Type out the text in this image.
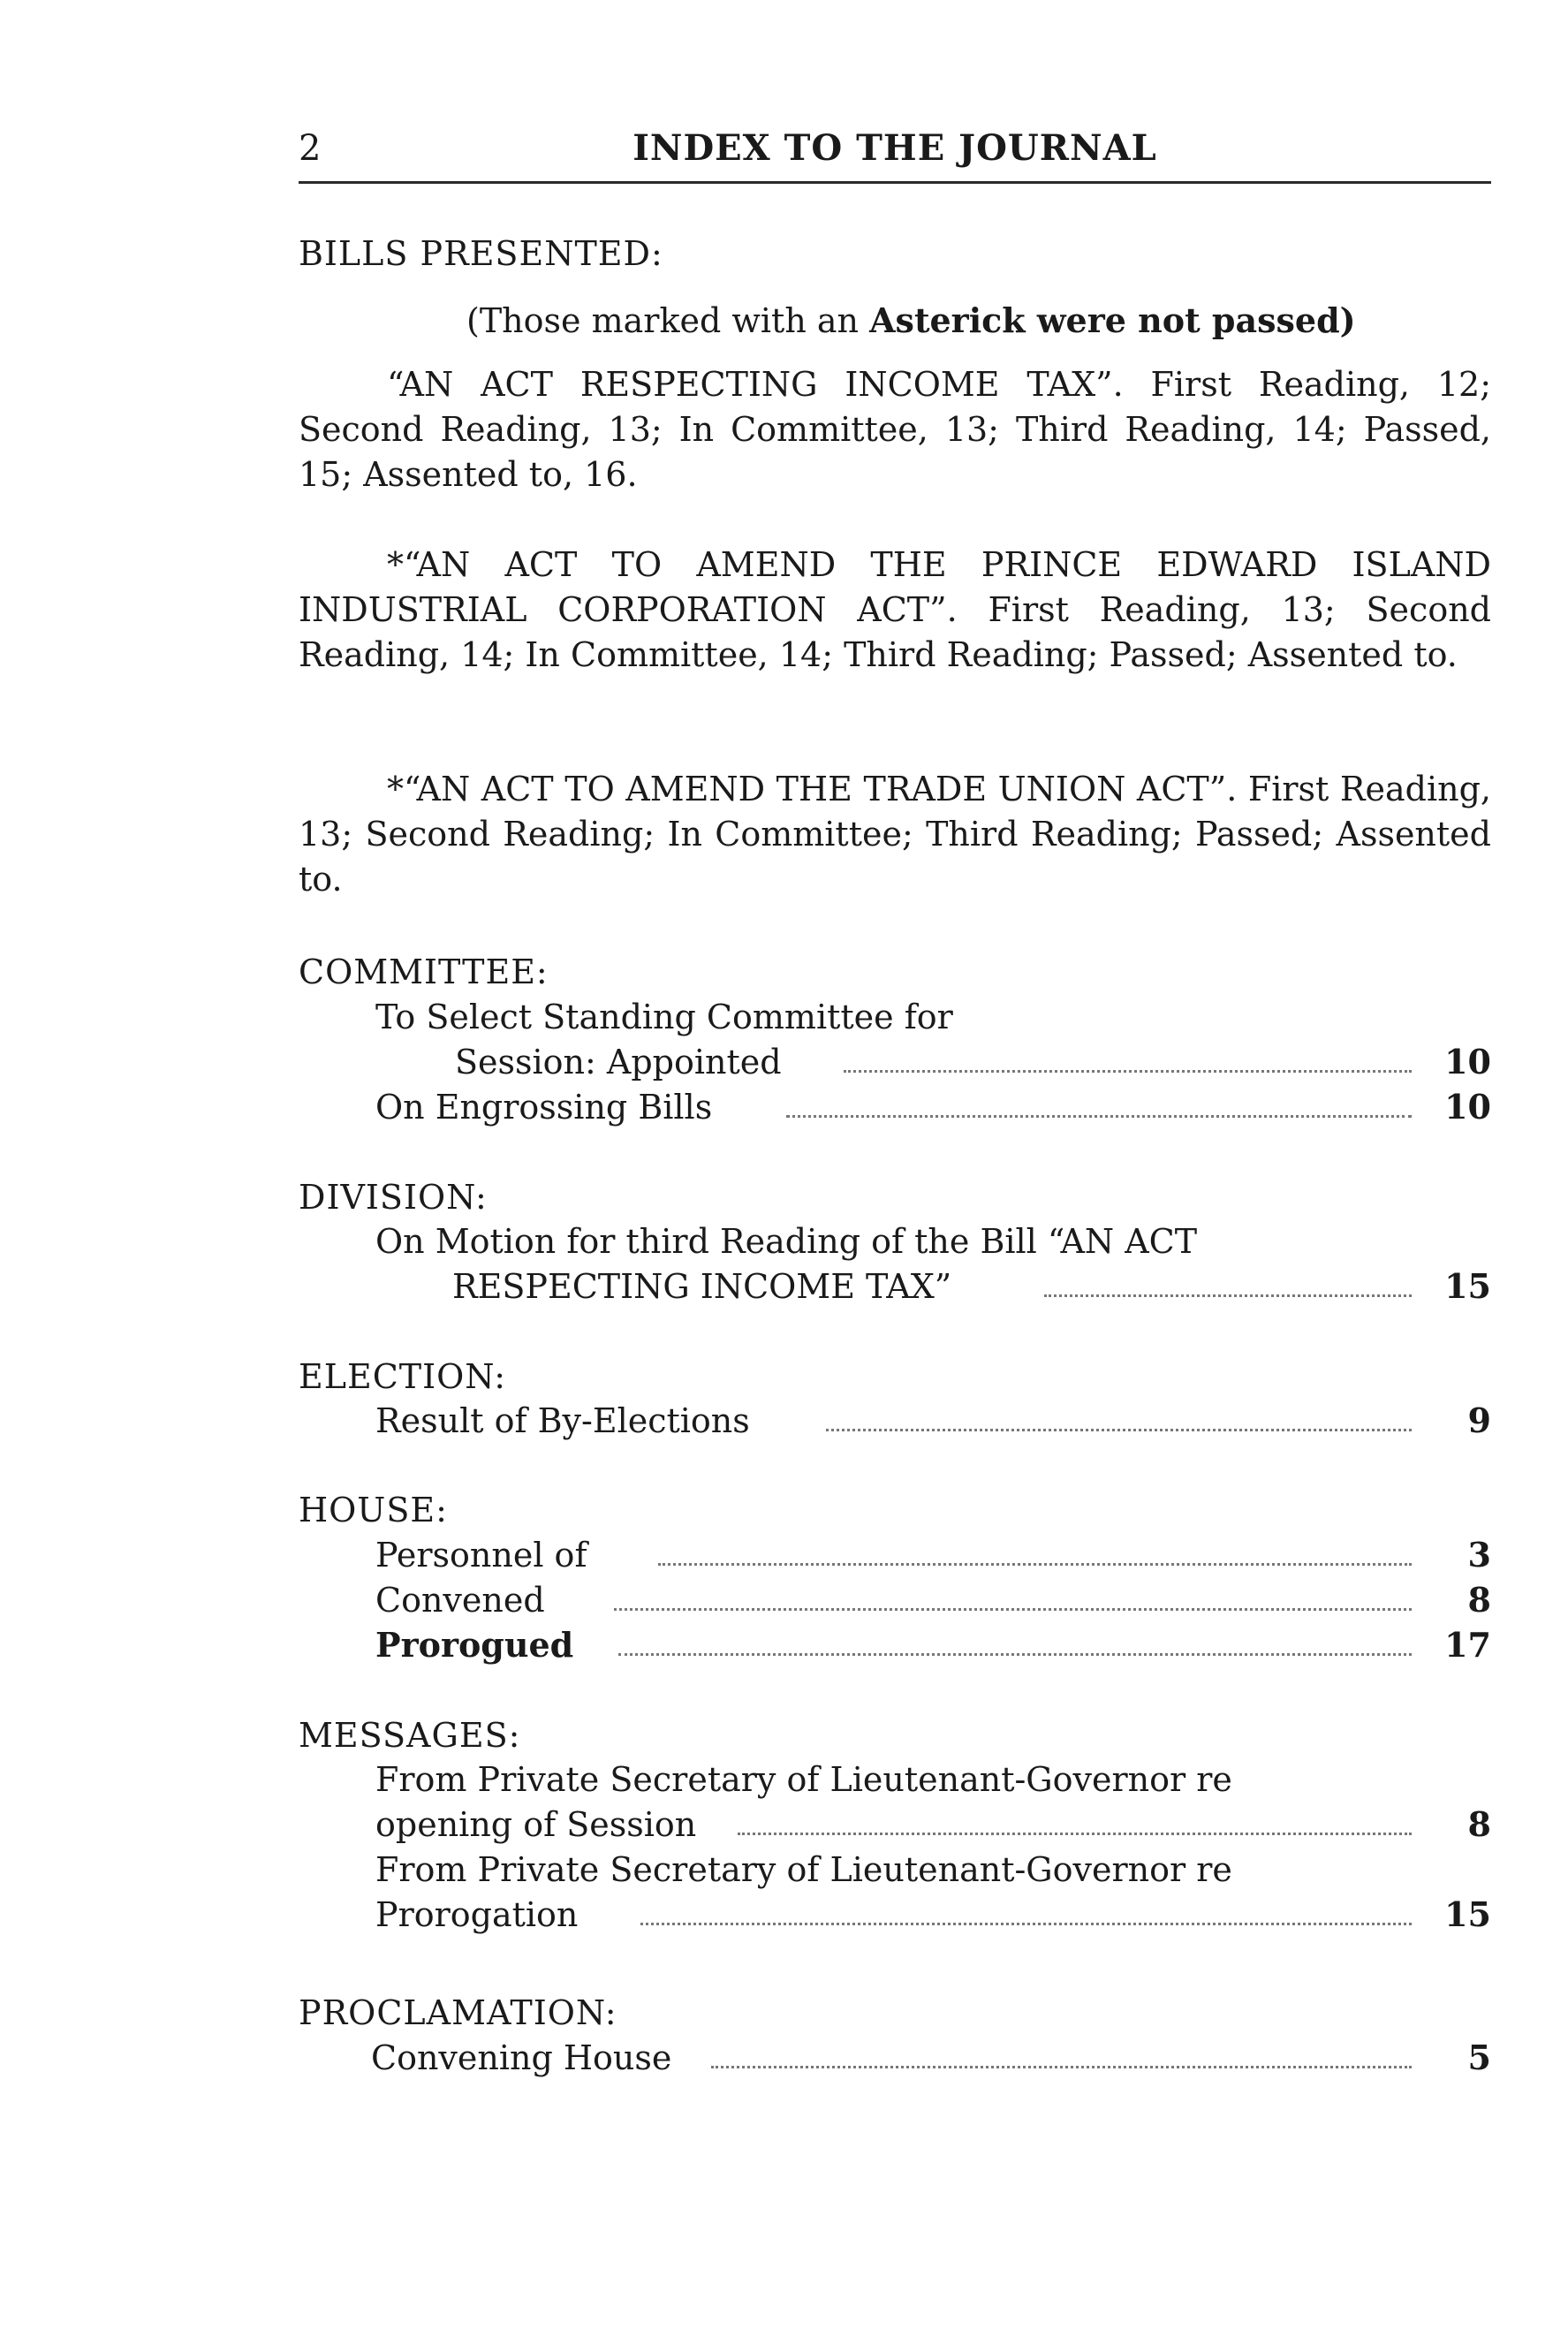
2	INDEX TO THE JOURNAL
BILLS PRESENTED:
(Those marked with an Asterick were not passed)
“AN ACT RESPECTING INCOME TAX”. First Reading, 12; Second Reading, 13; In Committee, 13; Third Reading, 14; Passed, 15; Assented to, 16.
*“AN ACT TO AMEND THE PRINCE EDWARD ISLAND INDUSTRIAL CORPORATION ACT”. First Reading, 13; Second Reading, 14; In Committee, 14; Third Reading; Passed; Assented to.
*“AN ACT TO AMEND THE TRADE UNION ACT”. First Reading, 13; Second Reading; In Committee; Third Reading; Passed; Assented to.
COMMITTEE:
To Select Standing Committee for
Session: Appointed	10
On Engrossing Bills	10
DIVISION:
On Motion for third Reading of the Bill “AN ACT
RESPECTING INCOME TAX”	15
ELECTION:
Result of By-Elections	9
HOUSE:
Personnel of	3
Convened	8
Prorogued	17
MESSAGES:
From Private Secretary of Lieutenant-Governor re
opening of Session	8
From Private Secretary of Lieutenant-Governor re
Prorogation	15
PROCLAMATION:
Convening House	5
